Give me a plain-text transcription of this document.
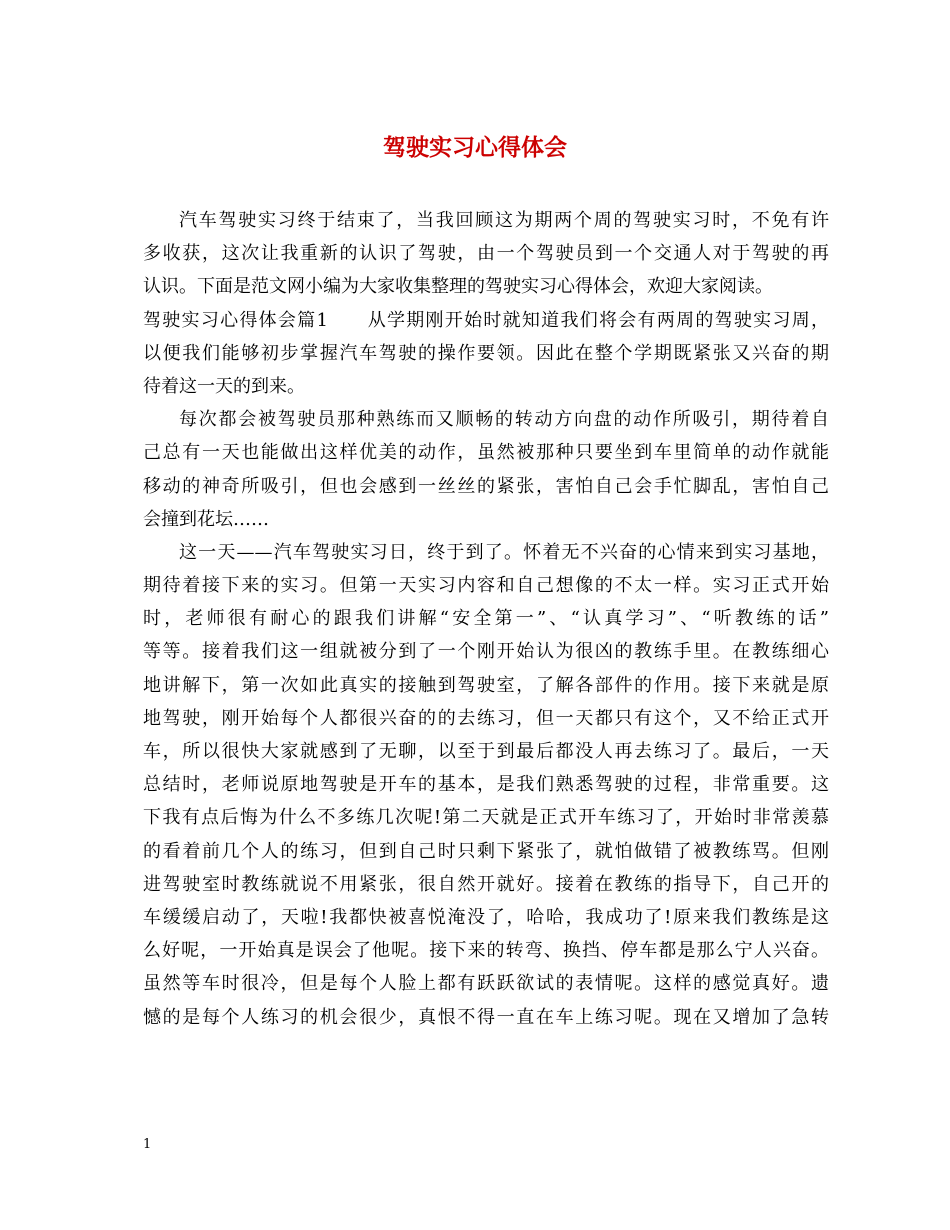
驾驶实习心得体会
汽车驾驶实习终于结束了，当我回顾这为期两个周的驾驶实习时，不免有许
多收获，这次让我重新的认识了驾驶，由一个驾驶员到一个交通人对于驾驶的再
认识。下面是范文网小编为大家收集整理的驾驶实习心得体会，欢迎大家阅读。
驾驶实习心得体会篇1　　从学期刚开始时就知道我们将会有两周的驾驶实习周，
以便我们能够初步掌握汽车驾驶的操作要领。因此在整个学期既紧张又兴奋的期
待着这一天的到来。
每次都会被驾驶员那种熟练而又顺畅的转动方向盘的动作所吸引，期待着自
己总有一天也能做出这样优美的动作，虽然被那种只要坐到车里简单的动作就能
移动的神奇所吸引，但也会感到一丝丝的紧张，害怕自己会手忙脚乱，害怕自己
会撞到花坛……
这一天——汽车驾驶实习日，终于到了。怀着无不兴奋的心情来到实习基地，
期待着接下来的实习。但第一天实习内容和自己想像的不太一样。实习正式开始
时，老师很有耐心的跟我们讲解“安全第一”、“认真学习”、“听教练的话”
等等。接着我们这一组就被分到了一个刚开始认为很凶的教练手里。在教练细心
地讲解下，第一次如此真实的接触到驾驶室，了解各部件的作用。接下来就是原
地驾驶，刚开始每个人都很兴奋的的去练习，但一天都只有这个，又不给正式开
车，所以很快大家就感到了无聊，以至于到最后都没人再去练习了。最后，一天
总结时，老师说原地驾驶是开车的基本，是我们熟悉驾驶的过程，非常重要。这
下我有点后悔为什么不多练几次呢!第二天就是正式开车练习了，开始时非常羡慕
的看着前几个人的练习，但到自己时只剩下紧张了，就怕做错了被教练骂。但刚
进驾驶室时教练就说不用紧张，很自然开就好。接着在教练的指导下，自己开的
车缓缓启动了，天啦!我都快被喜悦淹没了，哈哈，我成功了!原来我们教练是这
么好呢，一开始真是误会了他呢。接下来的转弯、换挡、停车都是那么宁人兴奋。
虽然等车时很冷，但是每个人脸上都有跃跃欲试的表情呢。这样的感觉真好。遗
憾的是每个人练习的机会很少，真恨不得一直在车上练习呢。现在又增加了急转
1
